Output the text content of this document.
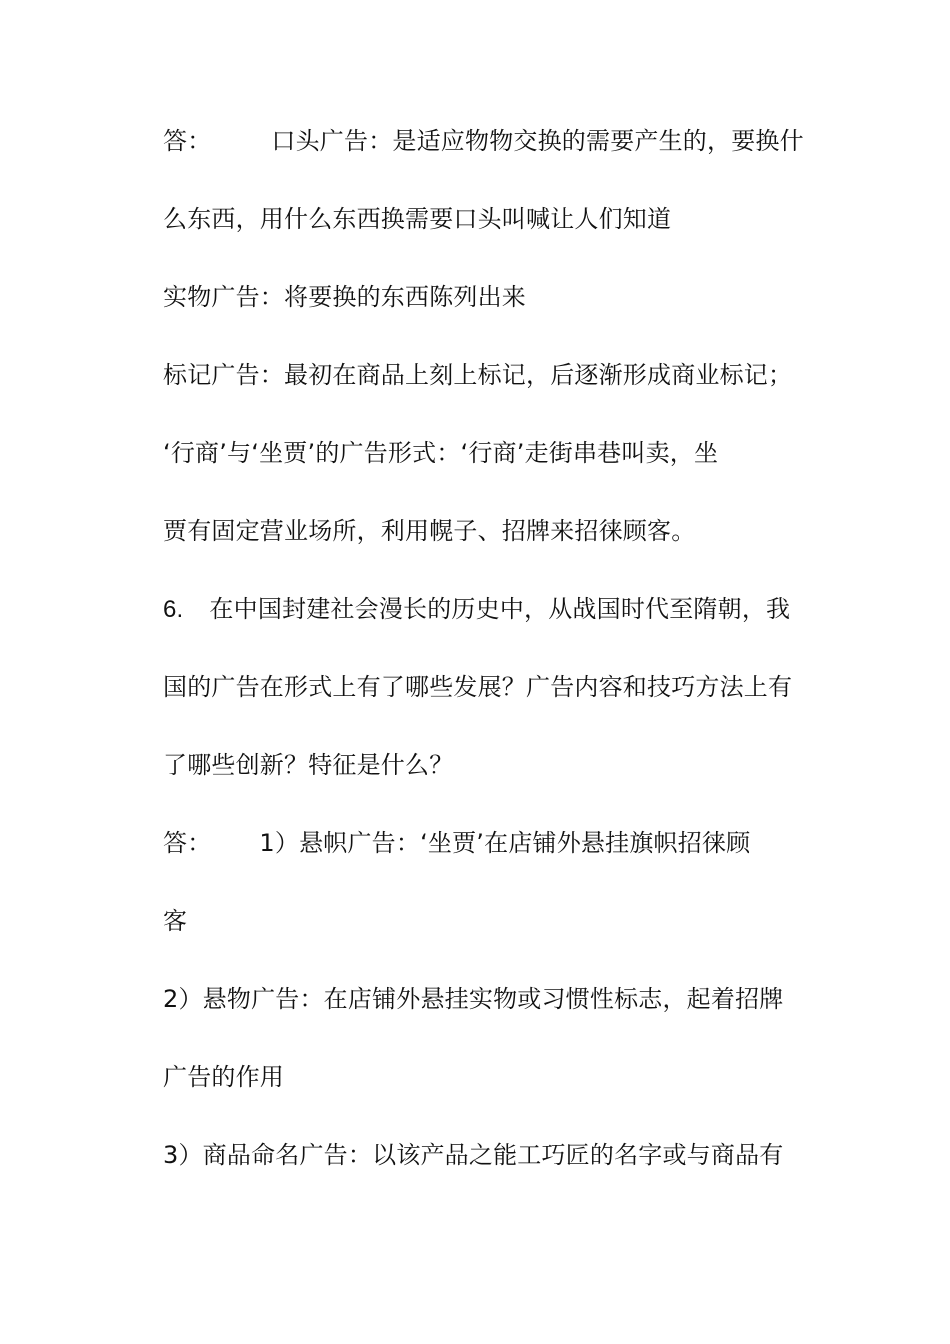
答：	口头广告：是适应物物交换的需要产生的，要换什
么东西，用什么东西换需要口头叫喊让人们知道
实物广告：将要换的东西陈列出来
标记广告：最初在商品上刻上标记，后逐渐形成商业标记；
‘行商’与‘坐贾’的广告形式：‘行商’走街串巷叫卖，坐
贾有固定营业场所，利用幌子、招牌来招徕顾客。
6. 在中国封建社会漫长的历史中，从战国时代至隋朝，我
国的广告在形式上有了哪些发展？广告内容和技巧方法上有
了哪些创新？特征是什么？
答： 1）悬帜广告：‘坐贾’在店铺外悬挂旗帜招徕顾
客
2）悬物广告：在店铺外悬挂实物或习惯性标志，起着招牌
广告的作用
3）商品命名广告：以该产品之能工巧匠的名字或与商品有
